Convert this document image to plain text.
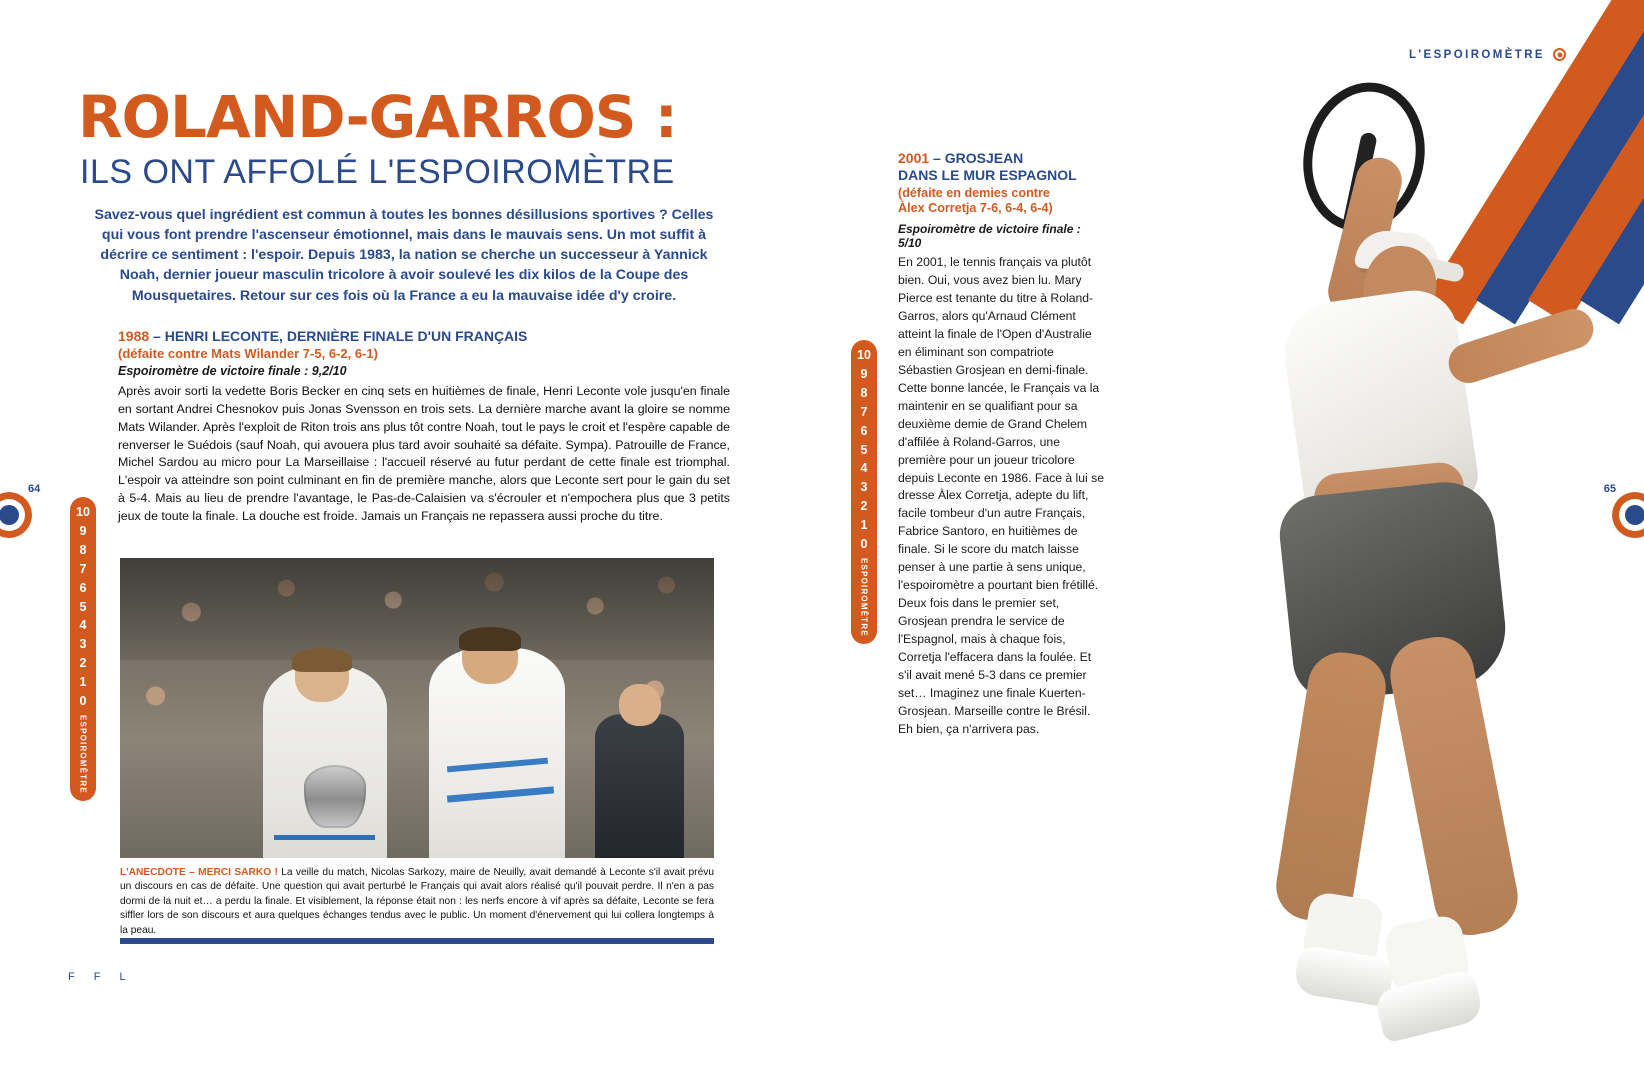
L'ESPOIROMÈTRE
64	65
ROLAND-GARROS :
ILS ONT AFFOLÉ L'ESPOIROMÈTRE
Savez-vous quel ingrédient est commun à toutes les bonnes désillusions sportives ? Celles qui vous font prendre l'ascenseur émotionnel, mais dans le mauvais sens. Un mot suffit à décrire ce sentiment : l'espoir. Depuis 1983, la nation se cherche un successeur à Yannick Noah, dernier joueur masculin tricolore à avoir soulevé les dix kilos de la Coupe des Mousquetaires. Retour sur ces fois où la France a eu la mauvaise idée d'y croire.
1988 – HENRI LECONTE, DERNIÈRE FINALE D'UN FRANÇAIS
(défaite contre Mats Wilander 7-5, 6-2, 6-1)
Espoiromètre de victoire finale : 9,2/10
Après avoir sorti la vedette Boris Becker en cinq sets en huitièmes de finale, Henri Leconte vole jusqu'en finale en sortant Andrei Chesnokov puis Jonas Svensson en trois sets. La dernière marche avant la gloire se nomme Mats Wilander. Après l'exploit de Riton trois ans plus tôt contre Noah, tout le pays le croit et l'espère capable de renverser le Suédois (sauf Noah, qui avouera plus tard avoir souhaité sa défaite. Sympa). Patrouille de France, Michel Sardou au micro pour La Marseillaise : l'accueil réservé au futur perdant de cette finale est triomphal. L'espoir va atteindre son point culminant en fin de première manche, alors que Leconte sert pour le gain du set à 5-4. Mais au lieu de prendre l'avantage, le Pas-de-Calaisien va s'écrouler et n'empochera plus que 3 petits jeux de toute la finale. La douche est froide. Jamais un Français ne repassera aussi proche du titre.
10
9
8
7
6
5
4
3
2
1
0
ESPOIROMÈTRE
L'ANECDOTE – MERCI SARKO ! La veille du match, Nicolas Sarkozy, maire de Neuilly, avait demandé à Leconte s'il avait prévu un discours en cas de défaite. Une question qui avait perturbé le Français qui avait alors réalisé qu'il pouvait perdre. Il n'en a pas dormi de la nuit et… a perdu la finale. Et visiblement, la réponse était non : les nerfs encore à vif après sa défaite, Leconte se fera siffler lors de son discours et aura quelques échanges tendus avec le public. Un moment d'énervement qui lui collera longtemps à la peau.
F F L
10
9
8
7
6
5
4
3
2
1
0
ESPOIROMÈTRE
2001 – GROSJEAN
DANS LE MUR ESPAGNOL
(défaite en demies contre
Àlex Corretja 7-6, 6-4, 6-4)
Espoiromètre de victoire finale : 5/10
En 2001, le tennis français va plutôt bien. Oui, vous avez bien lu. Mary Pierce est tenante du titre à Roland-Garros, alors qu'Arnaud Clément atteint la finale de l'Open d'Australie en éliminant son compatriote Sébastien Grosjean en demi-finale. Cette bonne lancée, le Français va la maintenir en se qualifiant pour sa deuxième demie de Grand Chelem d'affilée à Roland-Garros, une première pour un joueur tricolore depuis Leconte en 1986. Face à lui se dresse Àlex Corretja, adepte du lift, facile tombeur d'un autre Français, Fabrice Santoro, en huitièmes de finale. Si le score du match laisse penser à une partie à sens unique, l'espoiromètre a pourtant bien frétillé. Deux fois dans le premier set, Grosjean prendra le service de l'Espagnol, mais à chaque fois, Corretja l'effacera dans la foulée. Et s'il avait mené 5-3 dans ce premier set… Imaginez une finale Kuerten-Grosjean. Marseille contre le Brésil. Eh bien, ça n'arrivera pas.
